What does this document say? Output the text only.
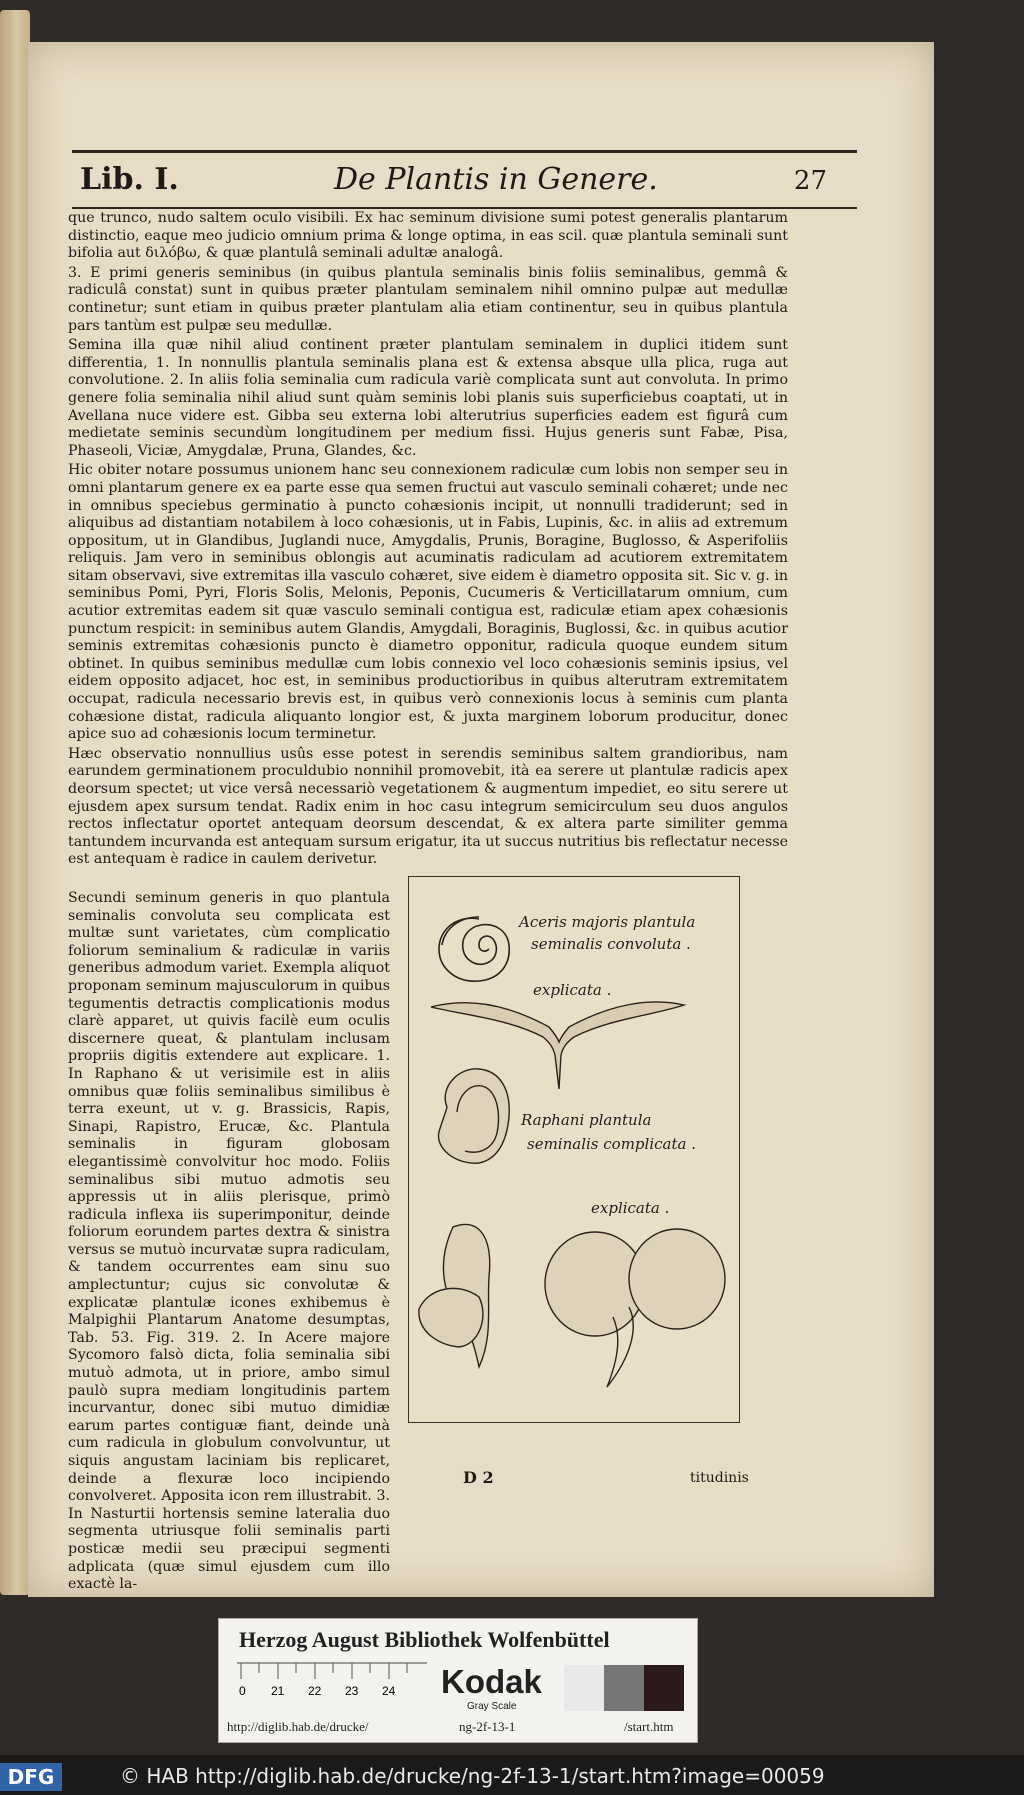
Lib. I.	De Plantis in Genere.	27

que trunco, nudo saltem oculo visibili. Ex hac seminum divisione sumi potest generalis plantarum distinctio, eaque meo judicio omnium prima & longe optima, in eas scil. quæ plantula seminali sunt bifolia aut διλόβω, & quæ plantulâ seminali adultæ analogâ.

3. E primi generis seminibus (in quibus plantula seminalis binis foliis seminalibus, gemmâ & radiculâ constat) sunt in quibus præter plantulam seminalem nihil omnino pulpæ aut medullæ continetur; sunt etiam in quibus præter plantulam alia etiam continentur, seu in quibus plantula pars tantùm est pulpæ seu medullæ.

Semina illa quæ nihil aliud continent præter plantulam seminalem in duplici itidem sunt differentia, 1. In nonnullis plantula seminalis plana est & extensa absque ulla plica, ruga aut convolutione. 2. In aliis folia seminalia cum radicula variè complicata sunt aut convoluta. In primo genere folia seminalia nihil aliud sunt quàm seminis lobi planis suis superficiebus coaptati, ut in Avellana nuce videre est. Gibba seu externa lobi alterutrius superficies eadem est figurâ cum medietate seminis secundùm longitudinem per medium fissi. Hujus generis sunt Fabæ, Pisa, Phaseoli, Viciæ, Amygdalæ, Pruna, Glandes, &c.

Hic obiter notare possumus unionem hanc seu connexionem radiculæ cum lobis non semper seu in omni plantarum genere ex ea parte esse qua semen fructui aut vasculo seminali cohæret; unde nec in omnibus speciebus germinatio à puncto cohæsionis incipit, ut nonnulli tradiderunt; sed in aliquibus ad distantiam notabilem à loco cohæsionis, ut in Fabis, Lupinis, &c. in aliis ad extremum oppositum, ut in Glandibus, Juglandi nuce, Amygdalis, Prunis, Boragine, Buglosso, & Asperifoliis reliquis. Jam vero in seminibus oblongis aut acuminatis radiculam ad acutiorem extremitatem sitam observavi, sive extremitas illa vasculo cohæret, sive eidem è diametro opposita sit. Sic v. g. in seminibus Pomi, Pyri, Floris Solis, Melonis, Peponis, Cucumeris & Verticillatarum omnium, cum acutior extremitas eadem sit quæ vasculo seminali contigua est, radiculæ etiam apex cohæsionis punctum respicit: in seminibus autem Glandis, Amygdali, Boraginis, Buglossi, &c. in quibus acutior seminis extremitas cohæsionis puncto è diametro opponitur, radicula quoque eundem situm obtinet. In quibus seminibus medullæ cum lobis connexio vel loco cohæsionis seminis ipsius, vel eidem opposito adjacet, hoc est, in seminibus productioribus in quibus alterutram extremitatem occupat, radicula necessario brevis est, in quibus verò connexionis locus à seminis cum planta cohæsione distat, radicula aliquanto longior est, & juxta marginem loborum producitur, donec apice suo ad cohæsionis locum terminetur.

Hæc observatio nonnullius usûs esse potest in serendis seminibus saltem grandioribus, nam earundem germinationem proculdubio nonnihil promovebit, ità ea serere ut plantulæ radicis apex deorsum spectet; ut vice versâ necessariò vegetationem & augmentum impediet, eo situ serere ut ejusdem apex sursum tendat. Radix enim in hoc casu integrum semicirculum seu duos angulos rectos inflectatur oportet antequam deorsum descendat, & ex altera parte similiter gemma tantundem incurvanda est antequam sursum erigatur, ita ut succus nutritius bis reflectatur necesse est antequam è radice in caulem derivetur.

Secundi seminum generis in quo plantula seminalis convoluta seu complicata est multæ sunt varietates, cùm complicatio foliorum seminalium & radiculæ in variis generibus admodum variet. Exempla aliquot proponam seminum majusculorum in quibus tegumentis detractis complicationis modus clarè apparet, ut quivis facilè eum oculis discernere queat, & plantulam inclusam propriis digitis extendere aut explicare. 1. In Raphano & ut verisimile est in aliis omnibus quæ foliis seminalibus similibus è terra exeunt, ut v. g. Brassicis, Rapis, Sinapi, Rapistro, Erucæ, &c. Plantula seminalis in figuram globosam elegantissimè convolvitur hoc modo. Foliis seminalibus sibi mutuo admotis seu appressis ut in aliis plerisque, primò radicula inflexa iis superimponitur, deinde foliorum eorundem partes dextra & sinistra versus se mutuò incurvatæ supra radiculam, & tandem occurrentes eam sinu suo amplectuntur; cujus sic convolutæ & explicatæ plantulæ icones exhibemus è Malpighii Plantarum Anatome desumptas, Tab. 53. Fig. 319. 2. In Acere majore Sycomoro falsò dicta, folia seminalia sibi mutuò admota, ut in priore, ambo simul paulò supra mediam longitudinis partem incurvantur, donec sibi mutuo dimidiæ earum partes contiguæ fiant, deinde unà cum radicula in globulum convolvuntur, ut siquis angustam laciniam bis replicaret, deinde a flexuræ loco incipiendo convolveret. Apposita icon rem illustrabit. 3. In Nasturtii hortensis semine lateralia duo segmenta utriusque folii seminalis parti posticæ medii seu præcipui segmenti adplicata (quæ simul ejusdem cum illo exactè la-

Aceris majoris plantula
seminalis convoluta .
explicata .
Raphani plantula
seminalis complicata .
explicata .
D 2	titudinis
Herzog August Bibliothek Wolfenbüttel
0 21 22 23 24 Kodak
Gray Scale
http://diglib.hab.de/drucke/	ng-2f-13-1	/start.htm
DFG	© HAB http://diglib.hab.de/drucke/ng-2f-13-1/start.htm?image=00059
